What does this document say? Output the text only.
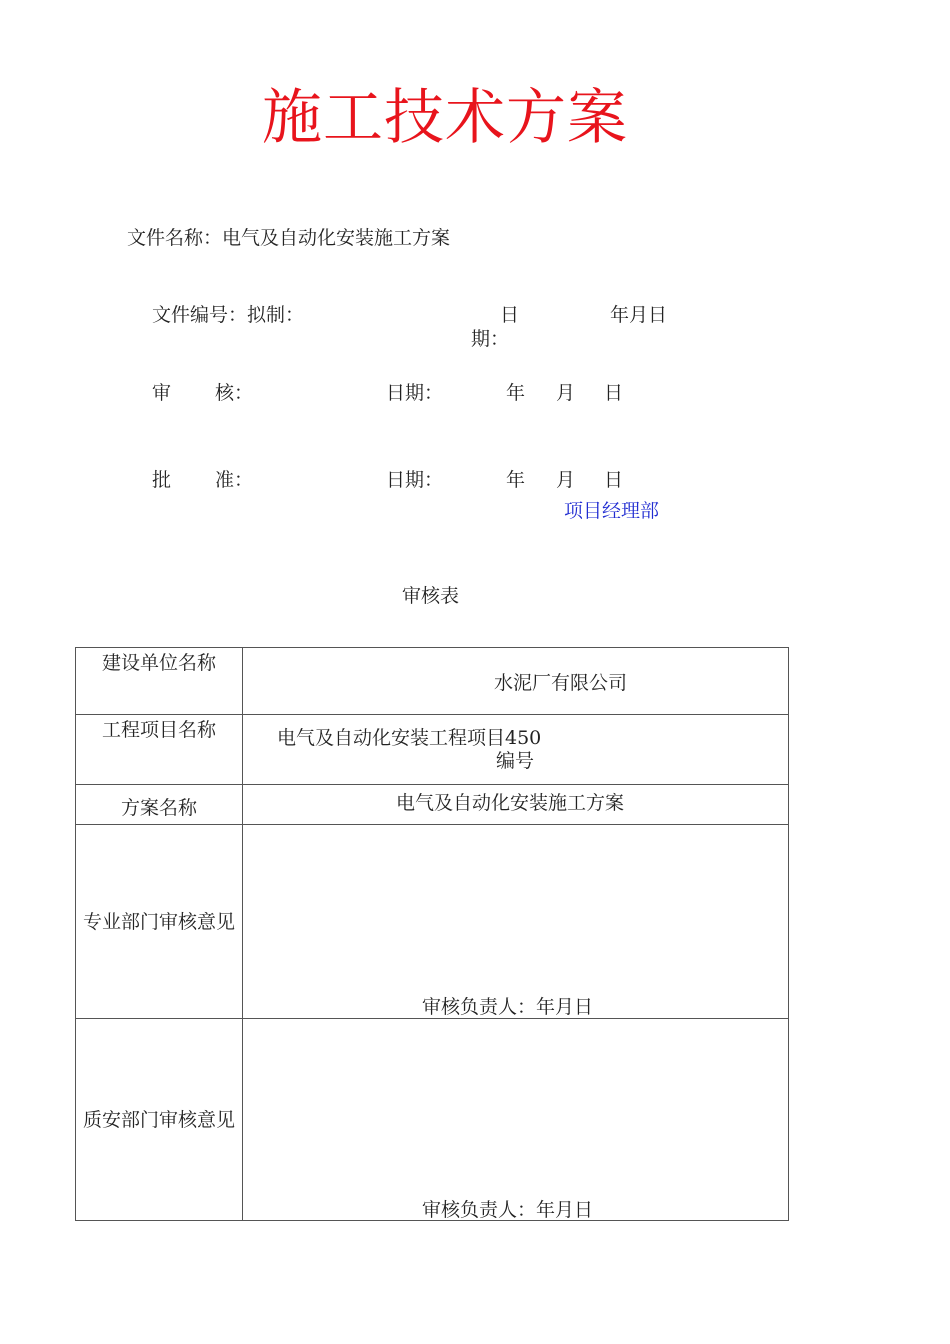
施工技术方案
文件名称：电气及自动化安装施工方案
文件编号：拟制：	日
期：
年月日
审 核：	日期：	年 月 日
批 准：	日期：	年 月 日
项目经理部
审核表
建设单位名称	水泥厂有限公司

工程项目名称	电气及自动化安装工程项目450
编号

方案名称	电气及自动化安装施工方案

专业部门审核意见	审核负责人：年月日

质安部门审核意见	审核负责人：年月日
